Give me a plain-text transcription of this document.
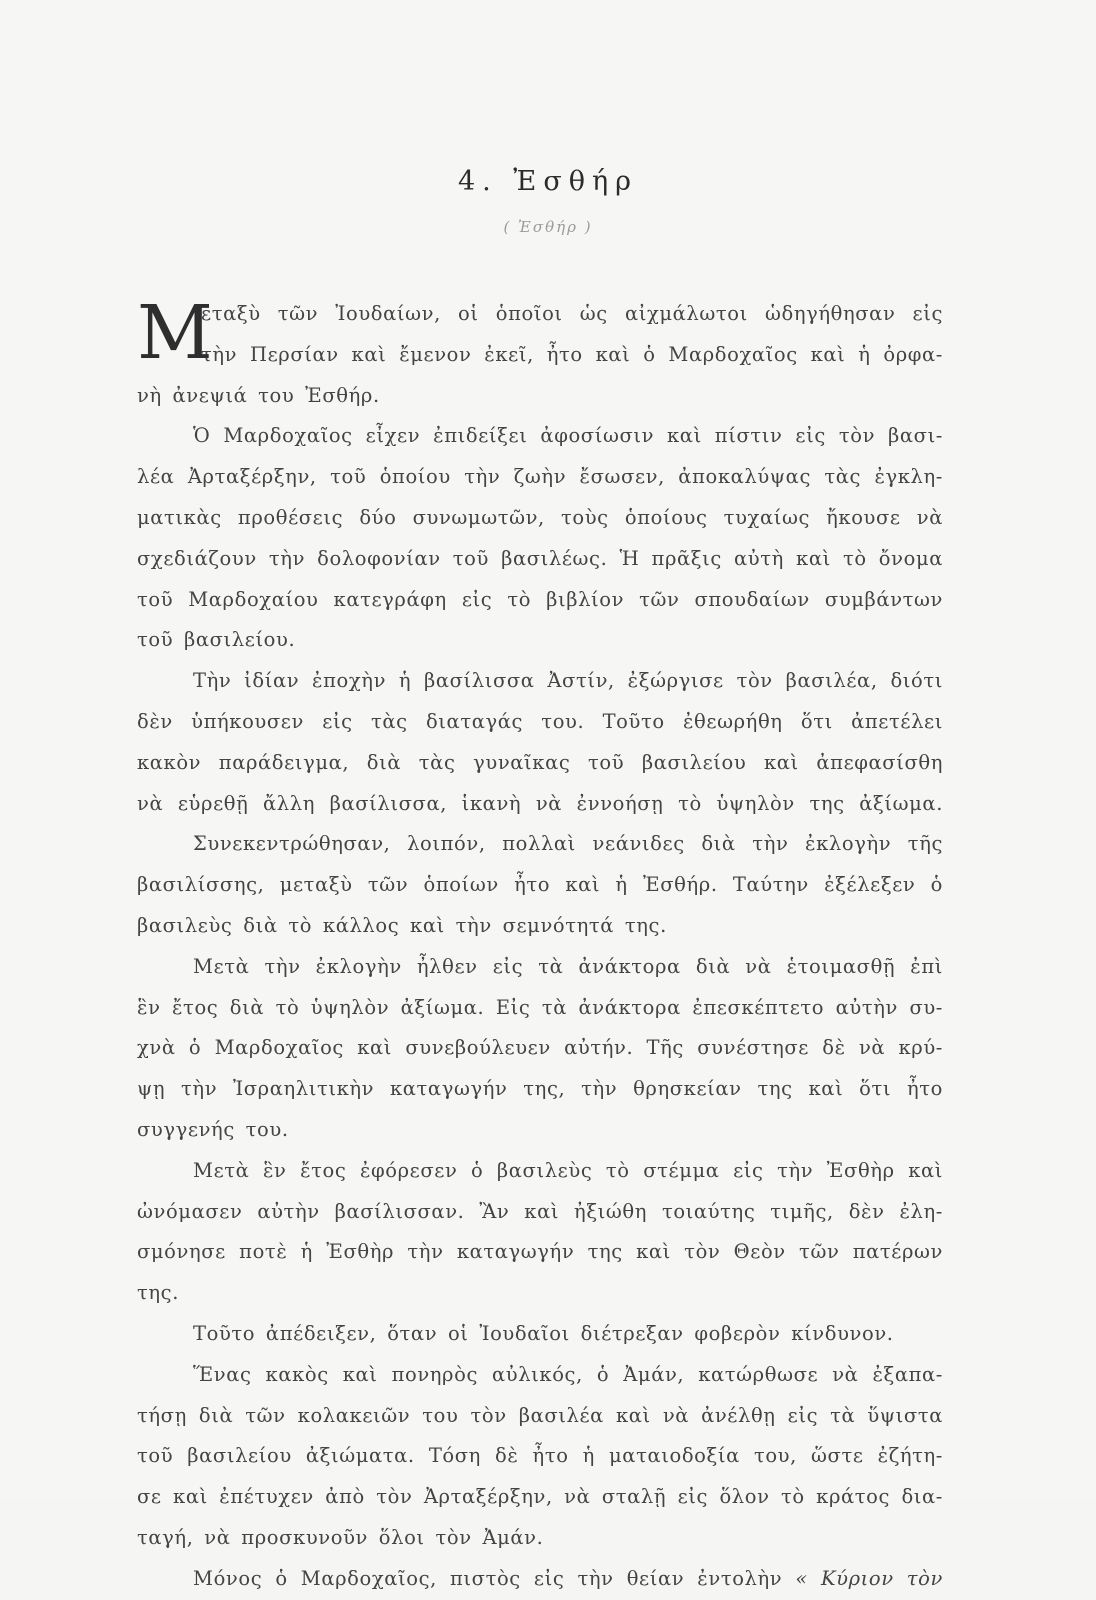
4. Ἐσθήρ
( Ἐσθήρ )
Μ
εταξὺ τῶν Ἰουδαίων, οἱ ὁποῖοι ὡς αἰχμάλωτοι ὡδηγήθησαν εἰς
τὴν Περσίαν καὶ ἔμενον ἐκεῖ, ἦτο καὶ ὁ Μαρδοχαῖος καὶ ἡ ὀρφα-
νὴ ἀνεψιά του Ἐσθήρ.
Ὁ Μαρδοχαῖος εἶχεν ἐπιδείξει ἀφοσίωσιν καὶ πίστιν εἰς τὸν βασι-
λέα Ἀρταξέρξην, τοῦ ὁποίου τὴν ζωὴν ἔσωσεν, ἀποκαλύψας τὰς ἐγκλη-
ματικὰς προθέσεις δύο συνωμωτῶν, τοὺς ὁποίους τυχαίως ἤκουσε νὰ
σχεδιάζουν τὴν δολοφονίαν τοῦ βασιλέως. Ἡ πρᾶξις αὐτὴ καὶ τὸ ὄνομα
τοῦ Μαρδοχαίου κατεγράφη εἰς τὸ βιβλίον τῶν σπουδαίων συμβάντων
τοῦ βασιλείου.
Τὴν ἰδίαν ἐποχὴν ἡ βασίλισσα Ἀστίν, ἐξώργισε τὸν βασιλέα, διότι
δὲν ὑπήκουσεν εἰς τὰς διαταγάς του. Τοῦτο ἐθεωρήθη ὅτι ἀπετέλει
κακὸν παράδειγμα, διὰ τὰς γυναῖκας τοῦ βασιλείου καὶ ἀπεφασίσθη
νὰ εὑρεθῇ ἄλλη βασίλισσα, ἱκανὴ νὰ ἐννοήσῃ τὸ ὑψηλὸν της ἀξίωμα.
Συνεκεντρώθησαν, λοιπόν, πολλαὶ νεάνιδες διὰ τὴν ἐκλογὴν τῆς
βασιλίσσης, μεταξὺ τῶν ὁποίων ἦτο καὶ ἡ Ἐσθήρ. Ταύτην ἐξέλεξεν ὁ
βασιλεὺς διὰ τὸ κάλλος καὶ τὴν σεμνότητά της.
Μετὰ τὴν ἐκλογὴν ἦλθεν εἰς τὰ ἀνάκτορα διὰ νὰ ἑτοιμασθῇ ἐπὶ
ἓν ἔτος διὰ τὸ ὑψηλὸν ἀξίωμα. Εἰς τὰ ἀνάκτορα ἐπεσκέπτετο αὐτὴν συ-
χνὰ ὁ Μαρδοχαῖος καὶ συνεβούλευεν αὐτήν. Τῆς συνέστησε δὲ νὰ κρύ-
ψῃ τὴν Ἰσραηλιτικὴν καταγωγήν της, τὴν θρησκείαν της καὶ ὅτι ἦτο
συγγενής του.
Μετὰ ἓν ἔτος ἐφόρεσεν ὁ βασιλεὺς τὸ στέμμα εἰς τὴν Ἐσθὴρ καὶ
ὠνόμασεν αὐτὴν βασίλισσαν. Ἂν καὶ ἠξιώθη τοιαύτης τιμῆς, δὲν ἐλη-
σμόνησε ποτὲ ἡ Ἐσθὴρ τὴν καταγωγήν της καὶ τὸν Θεὸν τῶν πατέρων
της.
Τοῦτο ἀπέδειξεν, ὅταν οἱ Ἰουδαῖοι διέτρεξαν φοβερὸν κίνδυνον.
Ἕνας κακὸς καὶ πονηρὸς αὐλικός, ὁ Ἀμάν, κατώρθωσε νὰ ἐξαπα-
τήσῃ διὰ τῶν κολακειῶν του τὸν βασιλέα καὶ νὰ ἀνέλθῃ εἰς τὰ ὕψιστα
τοῦ βασιλείου ἀξιώματα. Τόση δὲ ἦτο ἡ ματαιοδοξία του, ὥστε ἐζήτη-
σε καὶ ἐπέτυχεν ἀπὸ τὸν Ἀρταξέρξην, νὰ σταλῇ εἰς ὅλον τὸ κράτος δια-
ταγή, νὰ προσκυνοῦν ὅλοι τὸν Ἀμάν.
Μόνος ὁ Μαρδοχαῖος, πιστὸς εἰς τὴν θείαν ἐντολὴν « Κύριον τὸν
